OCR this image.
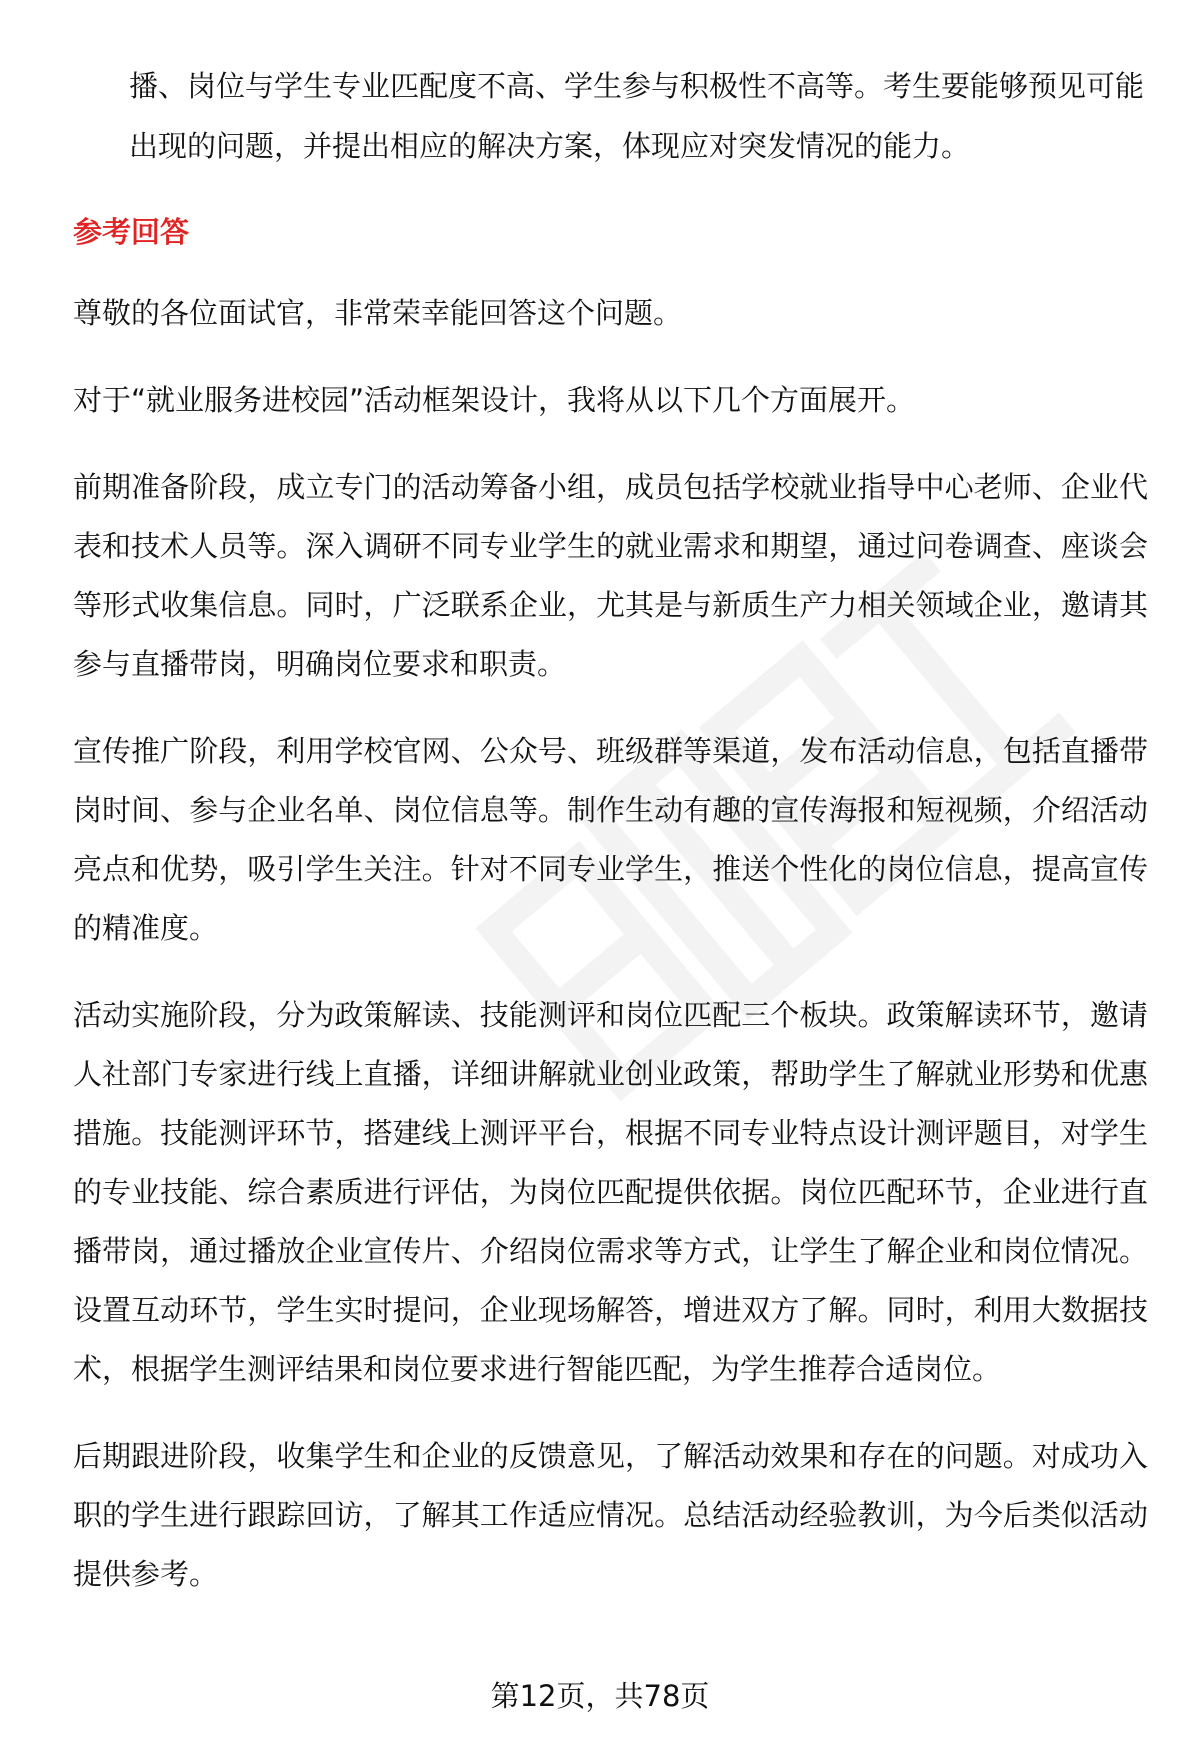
播、岗位与学生专业匹配度不高、学生参与积极性不高等。考生要能够预见可能出现的问题，并提出相应的解决方案，体现应对突发情况的能力。

参考回答

尊敬的各位面试官，非常荣幸能回答这个问题。

对于“就业服务进校园”活动框架设计，我将从以下几个方面展开。

前期准备阶段，成立专门的活动筹备小组，成员包括学校就业指导中心老师、企业代表和技术人员等。深入调研不同专业学生的就业需求和期望，通过问卷调查、座谈会等形式收集信息。同时，广泛联系企业，尤其是与新质生产力相关领域企业，邀请其参与直播带岗，明确岗位要求和职责。

宣传推广阶段，利用学校官网、公众号、班级群等渠道，发布活动信息，包括直播带岗时间、参与企业名单、岗位信息等。制作生动有趣的宣传海报和短视频，介绍活动亮点和优势，吸引学生关注。针对不同专业学生，推送个性化的岗位信息，提高宣传的精准度。

活动实施阶段，分为政策解读、技能测评和岗位匹配三个板块。政策解读环节，邀请人社部门专家进行线上直播，详细讲解就业创业政策，帮助学生了解就业形势和优惠措施。技能测评环节，搭建线上测评平台，根据不同专业特点设计测评题目，对学生的专业技能、综合素质进行评估，为岗位匹配提供依据。岗位匹配环节，企业进行直播带岗，通过播放企业宣传片、介绍岗位需求等方式，让学生了解企业和岗位情况。设置互动环节，学生实时提问，企业现场解答，增进双方了解。同时，利用大数据技术，根据学生测评结果和岗位要求进行智能匹配，为学生推荐合适岗位。

后期跟进阶段，收集学生和企业的反馈意见，了解活动效果和存在的问题。对成功入职的学生进行跟踪回访，了解其工作适应情况。总结活动经验教训，为今后类似活动提供参考。

第12页，共78页
